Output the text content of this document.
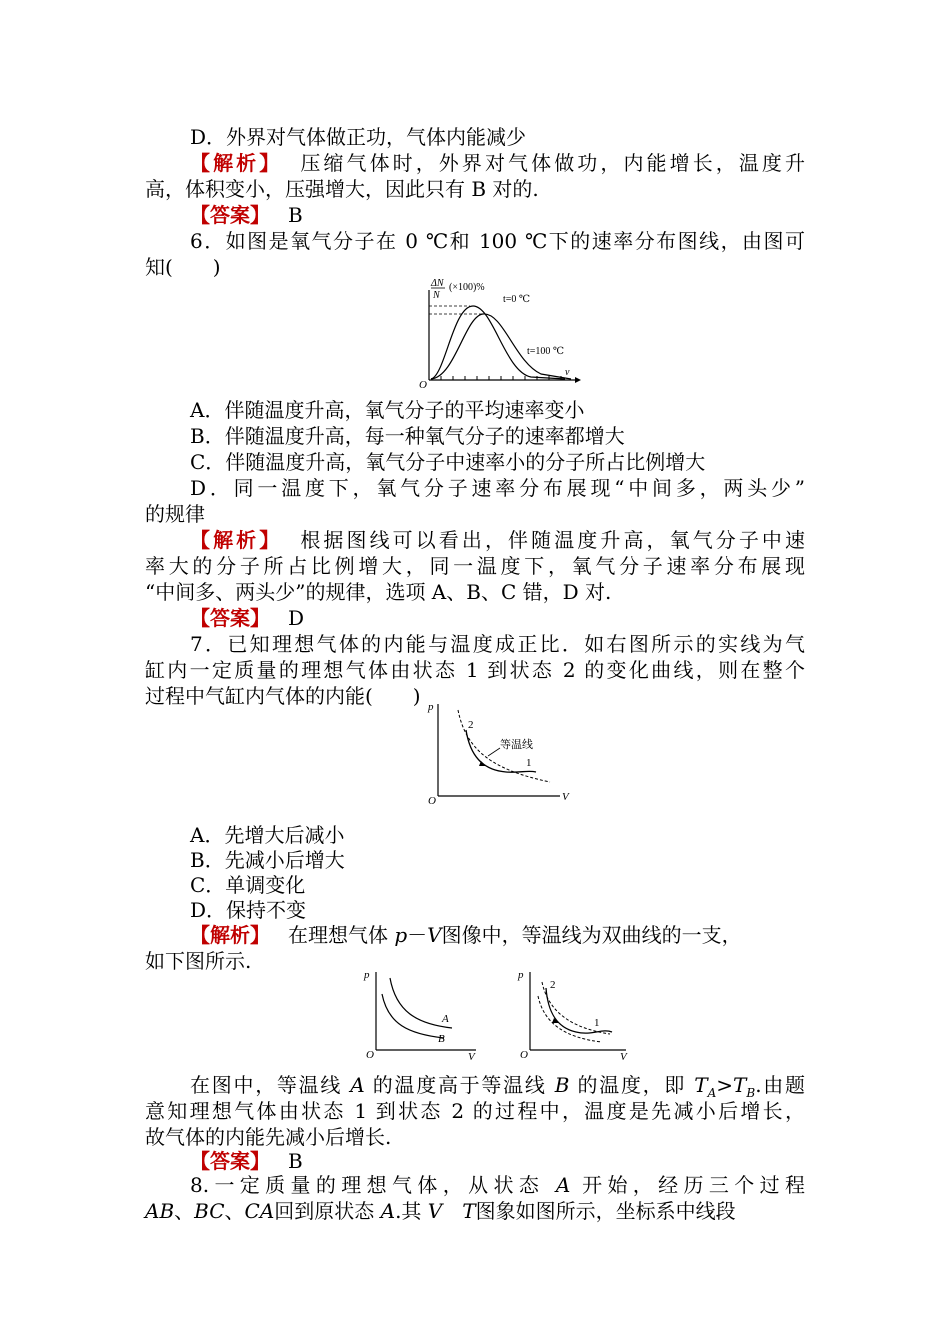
D．外界对气体做正功，气体内能减少
【解析】 压缩气体时，外界对气体做功，内能增长，温度升
高，体积变小，压强增大，因此只有 B 对的.
【答案】 B
6．如图是氧气分子在 0 ℃和 100 ℃下的速率分布图线，由图可
知(　　)
ΔN
N
(×100)%
t=0 ℃
t=100 ℃
O
v
A．伴随温度升高，氧气分子的平均速率变小
B．伴随温度升高，每一种氧气分子的速率都增大
C．伴随温度升高，氧气分子中速率小的分子所占比例增大
D．同一温度下，氧气分子速率分布展现“中间多，两头少”
的规律
【解析】 根据图线可以看出，伴随温度升高，氧气分子中速
率大的分子所占比例增大，同一温度下，氧气分子速率分布展现
“中间多、两头少”的规律，选项 A、B、C 错，D 对.
【答案】 D
7．已知理想气体的内能与温度成正比．如右图所示的实线为气
缸内一定质量的理想气体由状态 1 到状态 2 的变化曲线，则在整个
过程中气缸内气体的内能(　　) p
V
O
2
1
等温线
A．先增大后减小
B．先减小后增大
C．单调变化
D．保持不变
【解析】 在理想气体 p－V图像中，等温线为双曲线的一支，
如下图所示.
p
V
O
A
B
p
V
O
2
1
在图中，等温线 A 的温度高于等温线 B 的温度，即 $T_A>T_B$.由题
意知理想气体由状态 1 到状态 2 的过程中，温度是先减小后增长，
故气体的内能先减小后增长.
【答案】 B
8.一定质量的理想气体，从状态 A 开始，经历三个过程
AB、BC、CA回到原状态 A.其 V T图象如图所示，坐标系中线段
